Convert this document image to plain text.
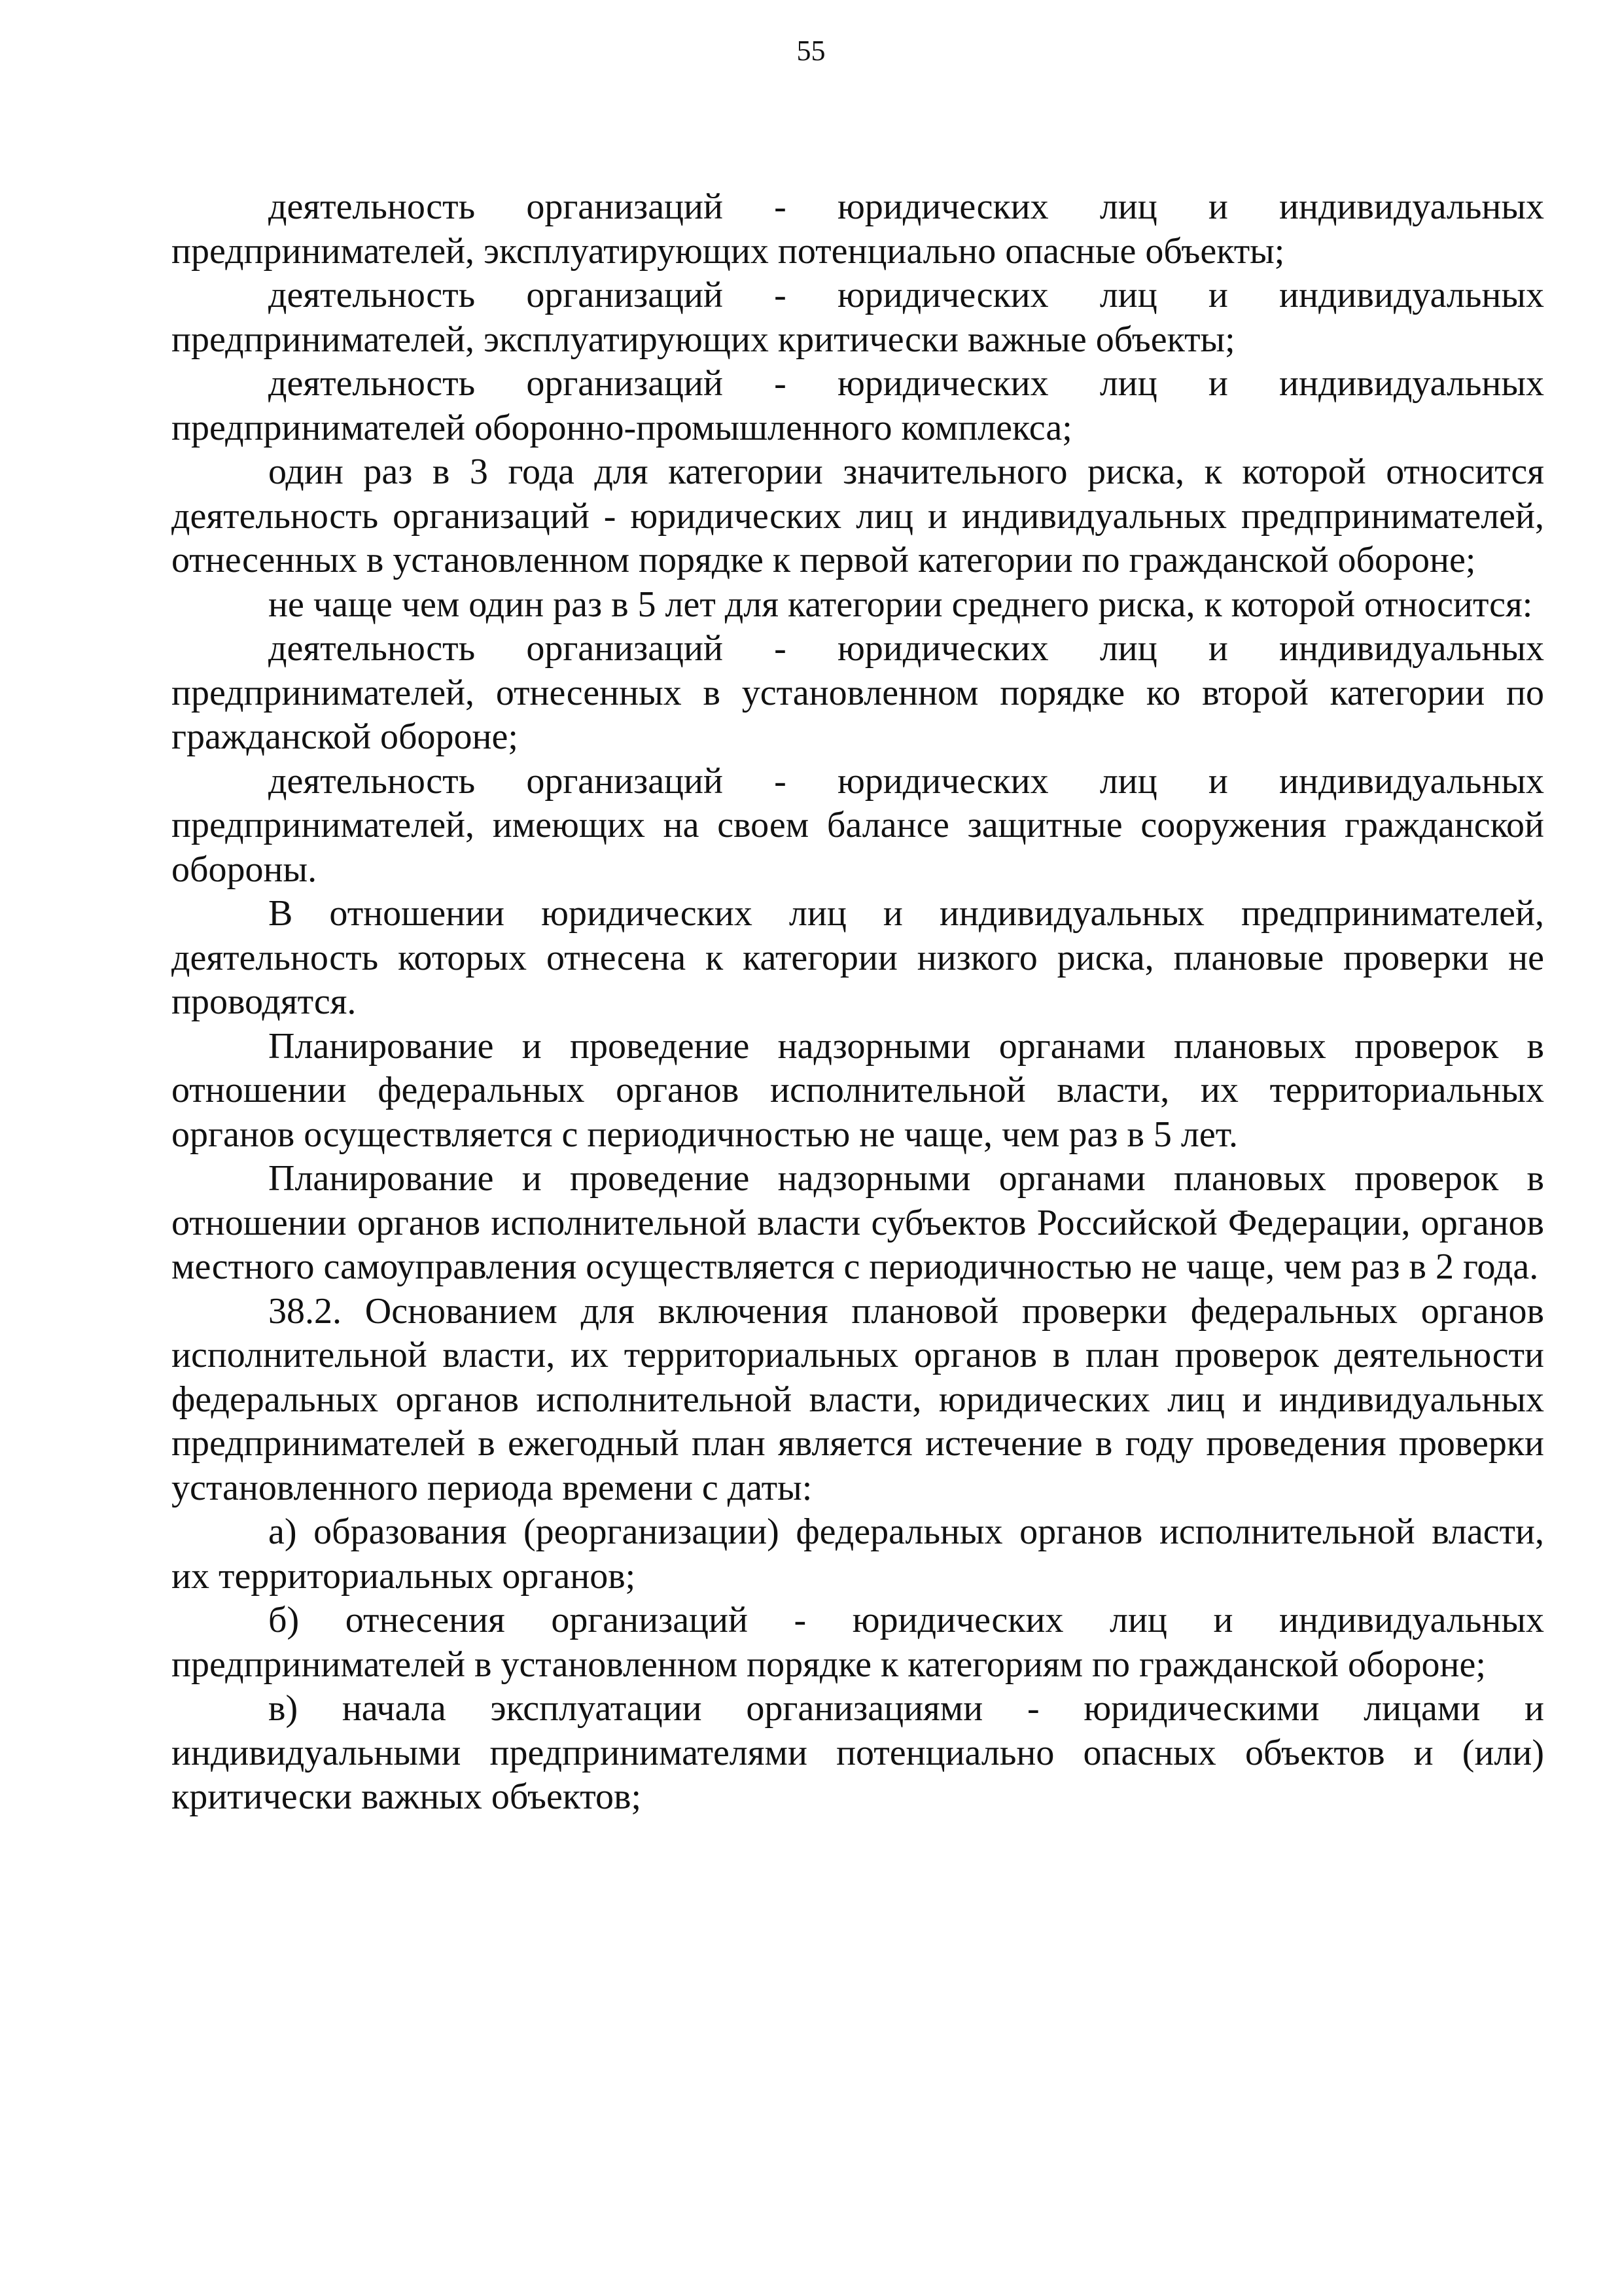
55

деятельность организаций - юридических лиц и индивидуальных предпринимателей, эксплуатирующих потенциально опасные объекты;

деятельность организаций - юридических лиц и индивидуальных предпринимателей, эксплуатирующих критически важные объекты;

деятельность организаций - юридических лиц и индивидуальных предпринимателей оборонно-промышленного комплекса;

один раз в 3 года для категории значительного риска, к которой относится деятельность организаций - юридических лиц и индивидуальных предпринимателей, отнесенных в установленном порядке к первой категории по гражданской обороне;

не чаще чем один раз в 5 лет для категории среднего риска, к которой относится:

деятельность организаций - юридических лиц и индивидуальных предпринимателей, отнесенных в установленном порядке ко второй категории по гражданской обороне;

деятельность организаций - юридических лиц и индивидуальных предпринимателей, имеющих на своем балансе защитные сооружения гражданской обороны.

В отношении юридических лиц и индивидуальных предпринимателей, деятельность которых отнесена к категории низкого риска, плановые проверки не проводятся.

Планирование и проведение надзорными органами плановых проверок в отношении федеральных органов исполнительной власти, их территориальных органов осуществляется с периодичностью не чаще, чем раз в 5 лет.

Планирование и проведение надзорными органами плановых проверок в отношении органов исполнительной власти субъектов Российской Федерации, органов местного самоуправления осуществляется с периодичностью не чаще, чем раз в 2 года.

38.2. Основанием для включения плановой проверки федеральных органов исполнительной власти, их территориальных органов в план проверок деятельности федеральных органов исполнительной власти, юридических лиц и индивидуальных предпринимателей в ежегодный план является истечение в году проведения проверки установленного периода времени с даты:

а) образования (реорганизации) федеральных органов исполнительной власти, их территориальных органов;

б) отнесения организаций - юридических лиц и индивидуальных предпринимателей в установленном порядке к категориям по гражданской обороне;

в) начала эксплуатации организациями - юридическими лицами и индивидуальными предпринимателями потенциально опасных объектов и (или) критически важных объектов;
